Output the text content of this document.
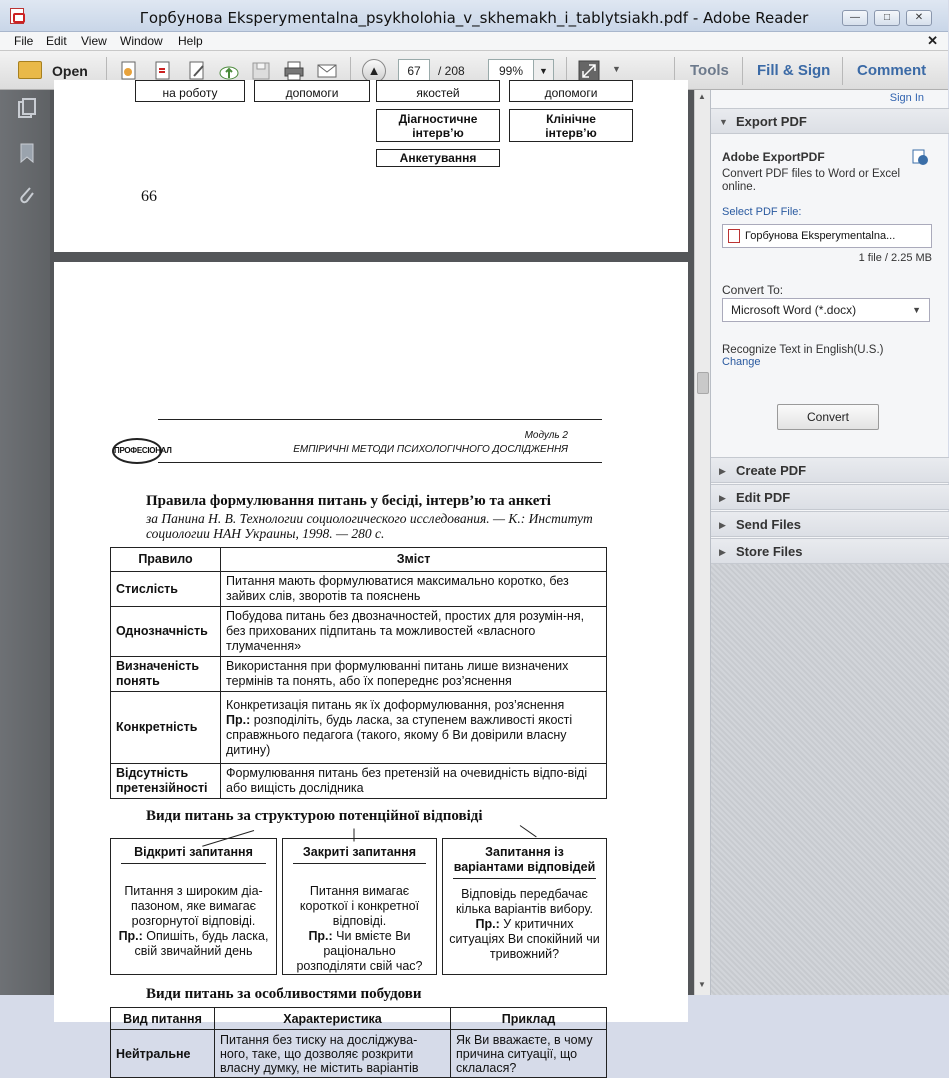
Горбунова Eksperymentalna_psykholohia_v_skhemakh_i_tablytsiakh.pdf - Adobe Reader	—	□	✕
File Edit View Window Help	✕
Open	▲	67	/ 208	99%	▼	▼	Tools Fill & Sign Comment
на роботу	допомоги	якостей	допомоги
Діагностичне інтерв’ю
Клінічне інтерв’ю
Анкетування
66
ПРОФЕСІОНАЛ
Модуль 2
ЕМПІРИЧНІ МЕТОДИ ПСИХОЛОГІЧНОГО ДОСЛІДЖЕННЯ
Правила формулювання питань у бесіді, інтерв’ю та анкеті
за Панина Н. В. Технологии социологического исследования. — К.: Институт социологии НАН Украины, 1998. — 280 с.
Правило	Зміст
Стислість	Питання мають формулюватися максимально коротко, без зайвих слів, зворотів та пояснень
Однозначність	Побудова питань без двозначностей, простих для розумін-ня, без прихованих підпитань та можливостей «власного тлумачення»
Визначеність понять	Використання при формулюванні питань лише визначених термінів та понять, або їх попереднє роз’яснення
Конкретність	Конкретизація питань як їх доформулювання, роз’яснення
Пр.: розподіліть, будь ласка, за ступенем важливості якості справжнього педагога (такого, якому б Ви довірили власну дитину)
Відсутність претензійності	Формулювання питань без претензій на очевидність відпо-віді або вищість дослідника
Види питань за структурою потенційної відповіді
Відкриті запитання
Питання з широким діа-пазоном, яке вимагає розгорнутої відповіді.
Пр.: Опишіть, будь ласка, свій звичайний день
Закриті запитання
Питання вимагає короткої і конкретної відповіді.
Пр.: Чи вмієте Ви раціонально розподіляти свій час?
Запитання із варіантами відповідей
Відповідь передбачає кілька варіантів вибору.
Пр.: У критичних ситуаціях Ви спокійний чи тривожний?
Види питань за особливостями побудови
Вид питання	Характеристика	Приклад
Нейтральне	Питання без тиску на досліджува-ного, таке, що дозволяє розкрити власну думку, не містить варіантів	Як Ви вважаєте, в чому причина ситуації, що склалася?
▲
▼
Sign In
▼ Export PDF
Adobe ExportPDF
Convert PDF files to Word or Excel online.
Select PDF File:
Горбунова Eksperymentalna...
1 file / 2.25 MB
Convert To:
Microsoft Word (*.docx)	▼
Recognize Text in English(U.S.)
Change
Convert
▶ Create PDF
▶ Edit PDF
▶ Send Files
▶ Store Files
